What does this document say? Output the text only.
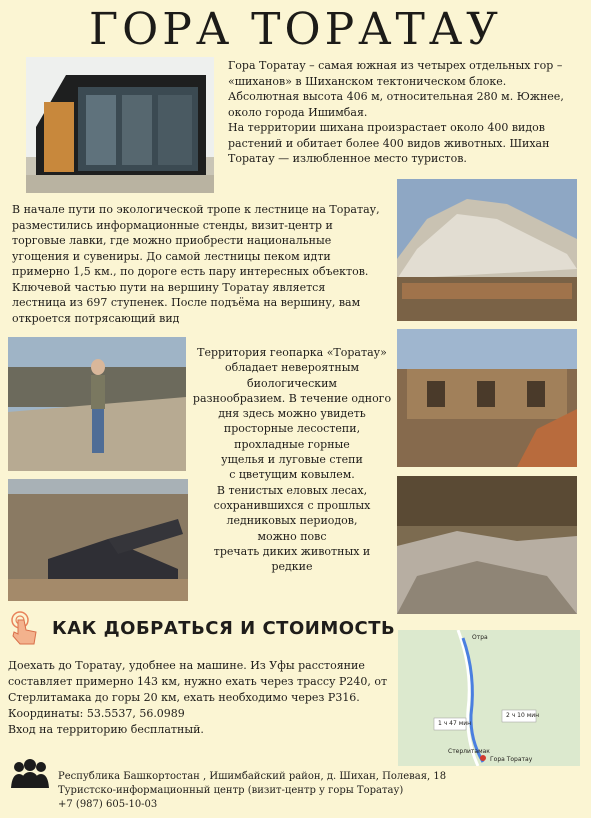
ГОРА ТОРАТАУ
Гора Торатау – самая южная из четырех отдельных гор – «шиханов» в Шиханском тектоническом блоке. Абсолютная высота 406 м, относительная 280 м. Южнее, около города Ишимбая.
На территории шихана произрастает около 400 видов растений и обитает более 400 видов животных. Шихан Торатау — излюбленное место туристов.
В начале пути по экологической тропе к лестнице на Торатау, разместились информационные стенды, визит-центр и торговые лавки, где можно приобрести национальные угощения и сувениры. До самой лестницы пеком идти примерно 1,5 км., по дороге есть пару интересных объектов. Ключевой частью пути на вершину Торатау является лестница из 697 ступенек. После подъёма на вершину, вам откроется потрясающий вид
Территория геопарка «Торатау»
обладает невероятным
биологическим
разнообразием. В течение одного
дня здесь можно увидеть
просторные лесостепи,
прохладные горные
ущелья и луговые степи
с цветущим ковылем.
В тенистых еловых лесах,
сохранившихся с прошлых
ледниковых периодов,
можно повс
тречать диких животных и редкие
КАК ДОБРАТЬСЯ И СТОИМОСТЬ
Доехать до Торатау, удобнее на машине. Из Уфы расстояние
составляет примерно 143 км, нужно ехать через трассу Р240, от
Стерлитамака до горы 20 км, ехать необходимо через Р316.
Координаты: 53.5537, 56.0989
Вход на территорию бесплатный.
Отра
1 ч 47 мин
2 ч 10 мин
Стерлитамак
Гора Торатау
Республика Башкортостан , Ишимбайский район, д. Шихан, Полевая, 18
Туристско-информационный центр (визит-центр у горы Торатау)
+7 (987) 605-10-03
